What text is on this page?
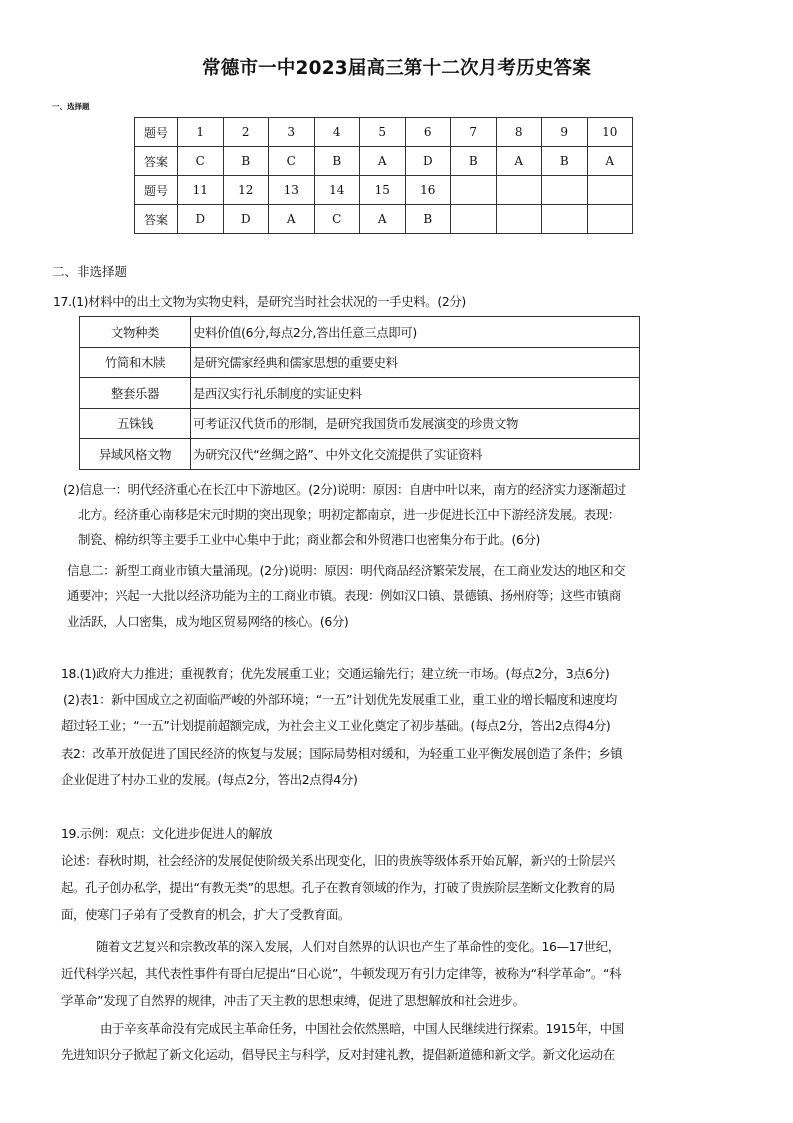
常德市一中2023届高三第十二次月考历史答案
一、选择题
题号	1	2	3	4	5	6	7	8	9	10
答案	C	B	C	B	A	D	B	A	B	A
题号	11	12	13	14	15	16				
答案	D	D	A	C	A	B				
二、非选择题
17.(1)材料中的出土文物为实物史料，是研究当时社会状况的一手史料。(2分)
文物种类	史料价值(6分,每点2分,答出任意三点即可)
竹简和木牍	是研究儒家经典和儒家思想的重要史料
整套乐器	是西汉实行礼乐制度的实证史料
五铢钱	可考证汉代货币的形制，是研究我国货币发展演变的珍贵文物
异域风格文物	为研究汉代“丝绸之路”、中外文化交流提供了实证资料
(2)信息一：明代经济重心在长江中下游地区。(2分)说明：原因：自唐中叶以来，南方的经济实力逐渐超过
北方。经济重心南移是宋元时期的突出现象；明初定都南京，进一步促进长江中下游经济发展。表现：
制瓷、棉纺织等主要手工业中心集中于此；商业都会和外贸港口也密集分布于此。(6分)
信息二：新型工商业市镇大量涌现。(2分)说明：原因：明代商品经济繁荣发展，在工商业发达的地区和交
通要冲；兴起一大批以经济功能为主的工商业市镇。表现：例如汉口镇、景德镇、扬州府等；这些市镇商
业活跃，人口密集，成为地区贸易网络的核心。(6分)
18.(1)政府大力推进；重视教育；优先发展重工业；交通运输先行；建立统一市场。(每点2分，3点6分)
(2)表1：新中国成立之初面临严峻的外部环境；“一五”计划优先发展重工业，重工业的增长幅度和速度均
超过轻工业；“一五”计划提前超额完成，为社会主义工业化奠定了初步基础。(每点2分，答出2点得4分)
表2：改革开放促进了国民经济的恢复与发展；国际局势相对缓和，为轻重工业平衡发展创造了条件；乡镇
企业促进了村办工业的发展。(每点2分，答出2点得4分)
19.示例：观点：文化进步促进人的解放
论述：春秋时期，社会经济的发展促使阶级关系出现变化，旧的贵族等级体系开始瓦解，新兴的士阶层兴
起。孔子创办私学，提出“有教无类”的思想。孔子在教育领域的作为，打破了贵族阶层垄断文化教育的局
面，使寒门子弟有了受教育的机会，扩大了受教育面。
随着文艺复兴和宗教改革的深入发展，人们对自然界的认识也产生了革命性的变化。16—17世纪，
近代科学兴起，其代表性事件有哥白尼提出“日心说”，牛顿发现万有引力定律等，被称为“科学革命”。“科
学革命”发现了自然界的规律，冲击了天主教的思想束缚，促进了思想解放和社会进步。
由于辛亥革命没有完成民主革命任务，中国社会依然黑暗，中国人民继续进行探索。1915年，中国
先进知识分子掀起了新文化运动，倡导民主与科学，反对封建礼教，提倡新道德和新文学。新文化运动在
